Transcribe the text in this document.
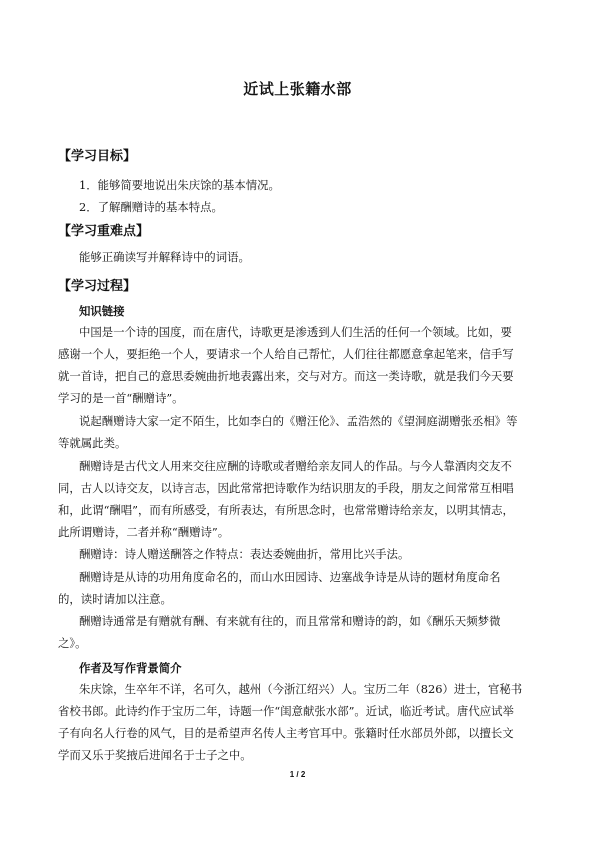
近试上张籍水部
【学习目标】
1．能够简要地说出朱庆馀的基本情况。
2．了解酬赠诗的基本特点。
【学习重难点】
能够正确读写并解释诗中的词语。
【学习过程】
知识链接
中国是一个诗的国度，而在唐代，诗歌更是渗透到人们生活的任何一个领域。比如，要
感谢一个人，要拒绝一个人，要请求一个人给自己帮忙，人们往往都愿意拿起笔来，信手写
就一首诗，把自己的意思委婉曲折地表露出来，交与对方。而这一类诗歌，就是我们今天要
学习的是一首“酬赠诗”。
说起酬赠诗大家一定不陌生，比如李白的《赠汪伦》、孟浩然的《望洞庭湖赠张丞相》等
等就属此类。
酬赠诗是古代文人用来交往应酬的诗歌或者赠给亲友同人的作品。与今人靠酒肉交友不
同，古人以诗交友，以诗言志，因此常常把诗歌作为结识朋友的手段，朋友之间常常互相唱
和，此谓“酬唱”，而有所感受，有所表达，有所思念时，也常常赠诗给亲友，以明其情志，
此所谓赠诗，二者并称“酬赠诗”。
酬赠诗：诗人赠送酬答之作特点：表达委婉曲折，常用比兴手法。
酬赠诗是从诗的功用角度命名的，而山水田园诗、边塞战争诗是从诗的题材角度命名
的，读时请加以注意。
酬赠诗通常是有赠就有酬、有来就有往的，而且常常和赠诗的韵，如《酬乐天频梦微
之》。
作者及写作背景简介
朱庆馀，生卒年不详，名可久，越州（今浙江绍兴）人。宝历二年（826）进士，官秘书
省校书郎。此诗约作于宝历二年，诗题一作“闺意献张水部”。近试，临近考试。唐代应试举
子有向名人行卷的风气，目的是希望声名传人主考官耳中。张籍时任水部员外郎，以擅长文
学而又乐于奖掖后进闻名于士子之中。
1 / 2
